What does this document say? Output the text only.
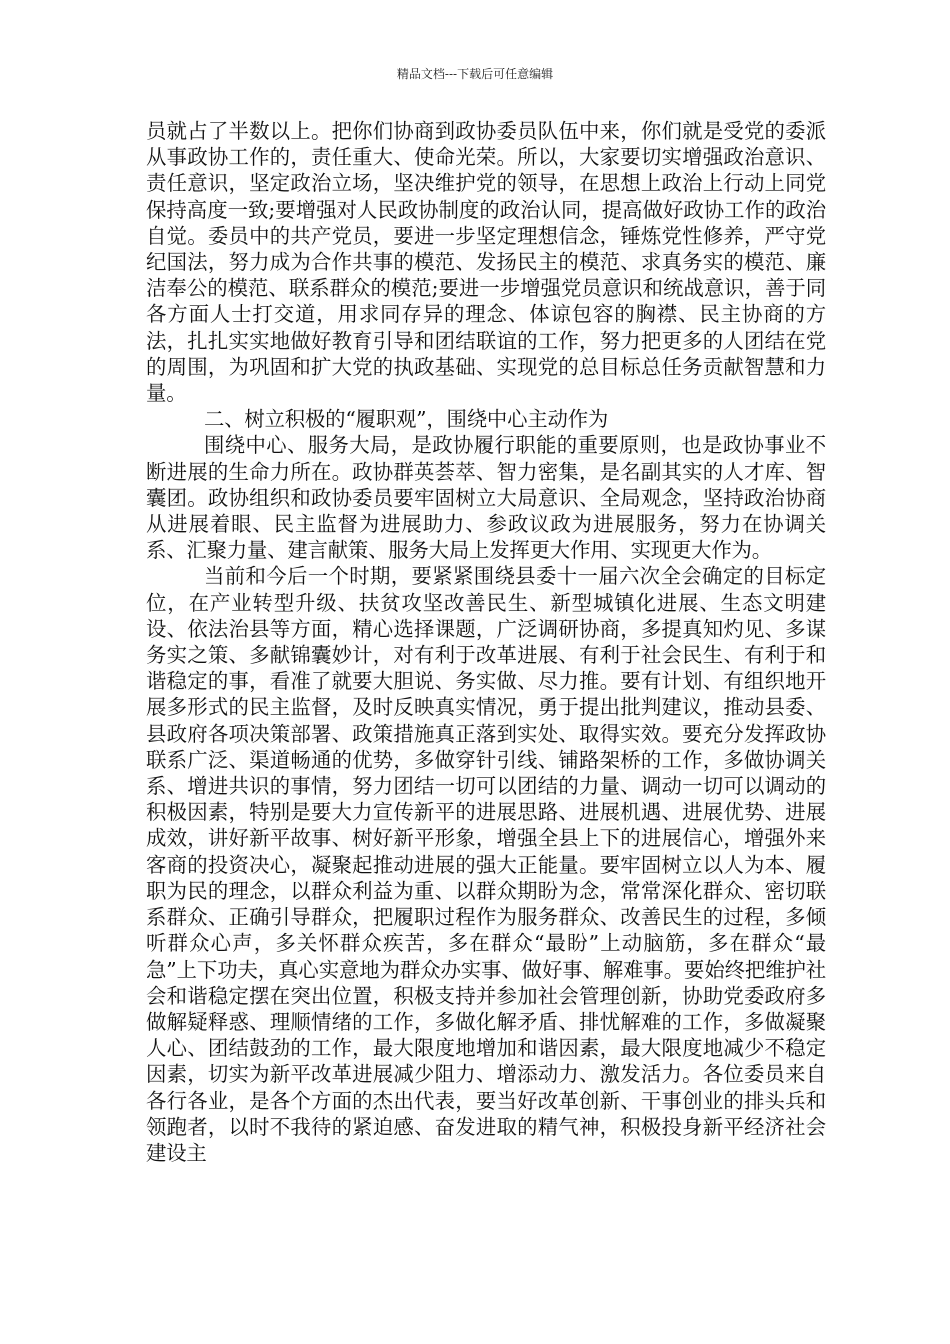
精品文档---下载后可任意编辑

员就占了半数以上。把你们协商到政协委员队伍中来，你们就是受党的委派从事政协工作的，责任重大、使命光荣。所以，大家要切实增强政治意识、责任意识，坚定政治立场，坚决维护党的领导，在思想上政治上行动上同党保持高度一致;要增强对人民政协制度的政治认同，提高做好政协工作的政治自觉。委员中的共产党员，要进一步坚定理想信念，锤炼党性修养，严守党纪国法，努力成为合作共事的模范、发扬民主的模范、求真务实的模范、廉洁奉公的模范、联系群众的模范;要进一步增强党员意识和统战意识，善于同各方面人士打交道，用求同存异的理念、体谅包容的胸襟、民主协商的方法，扎扎实实地做好教育引导和团结联谊的工作，努力把更多的人团结在党的周围，为巩固和扩大党的执政基础、实现党的总目标总任务贡献智慧和力量。

二、树立积极的“履职观”，围绕中心主动作为

围绕中心、服务大局，是政协履行职能的重要原则，也是政协事业不断进展的生命力所在。政协群英荟萃、智力密集，是名副其实的人才库、智囊团。政协组织和政协委员要牢固树立大局意识、全局观念，坚持政治协商从进展着眼、民主监督为进展助力、参政议政为进展服务，努力在协调关系、汇聚力量、建言献策、服务大局上发挥更大作用、实现更大作为。

当前和今后一个时期，要紧紧围绕县委十一届六次全会确定的目标定位，在产业转型升级、扶贫攻坚改善民生、新型城镇化进展、生态文明建设、依法治县等方面，精心选择课题，广泛调研协商，多提真知灼见、多谋务实之策、多献锦囊妙计，对有利于改革进展、有利于社会民生、有利于和谐稳定的事，看准了就要大胆说、务实做、尽力推。要有计划、有组织地开展多形式的民主监督，及时反映真实情况，勇于提出批判建议，推动县委、县政府各项决策部署、政策措施真正落到实处、取得实效。要充分发挥政协联系广泛、渠道畅通的优势，多做穿针引线、铺路架桥的工作，多做协调关系、增进共识的事情，努力团结一切可以团结的力量、调动一切可以调动的积极因素，特别是要大力宣传新平的进展思路、进展机遇、进展优势、进展成效，讲好新平故事、树好新平形象，增强全县上下的进展信心，增强外来客商的投资决心，凝聚起推动进展的强大正能量。要牢固树立以人为本、履职为民的理念，以群众利益为重、以群众期盼为念，常常深化群众、密切联系群众、正确引导群众，把履职过程作为服务群众、改善民生的过程，多倾听群众心声，多关怀群众疾苦，多在群众“最盼”上动脑筋，多在群众“最急”上下功夫，真心实意地为群众办实事、做好事、解难事。要始终把维护社会和谐稳定摆在突出位置，积极支持并参加社会管理创新，协助党委政府多做解疑释惑、理顺情绪的工作，多做化解矛盾、排忧解难的工作，多做凝聚人心、团结鼓劲的工作，最大限度地增加和谐因素，最大限度地减少不稳定因素，切实为新平改革进展减少阻力、增添动力、激发活力。各位委员来自各行各业，是各个方面的杰出代表，要当好改革创新、干事创业的排头兵和领跑者，以时不我待的紧迫感、奋发进取的精气神，积极投身新平经济社会建设主
